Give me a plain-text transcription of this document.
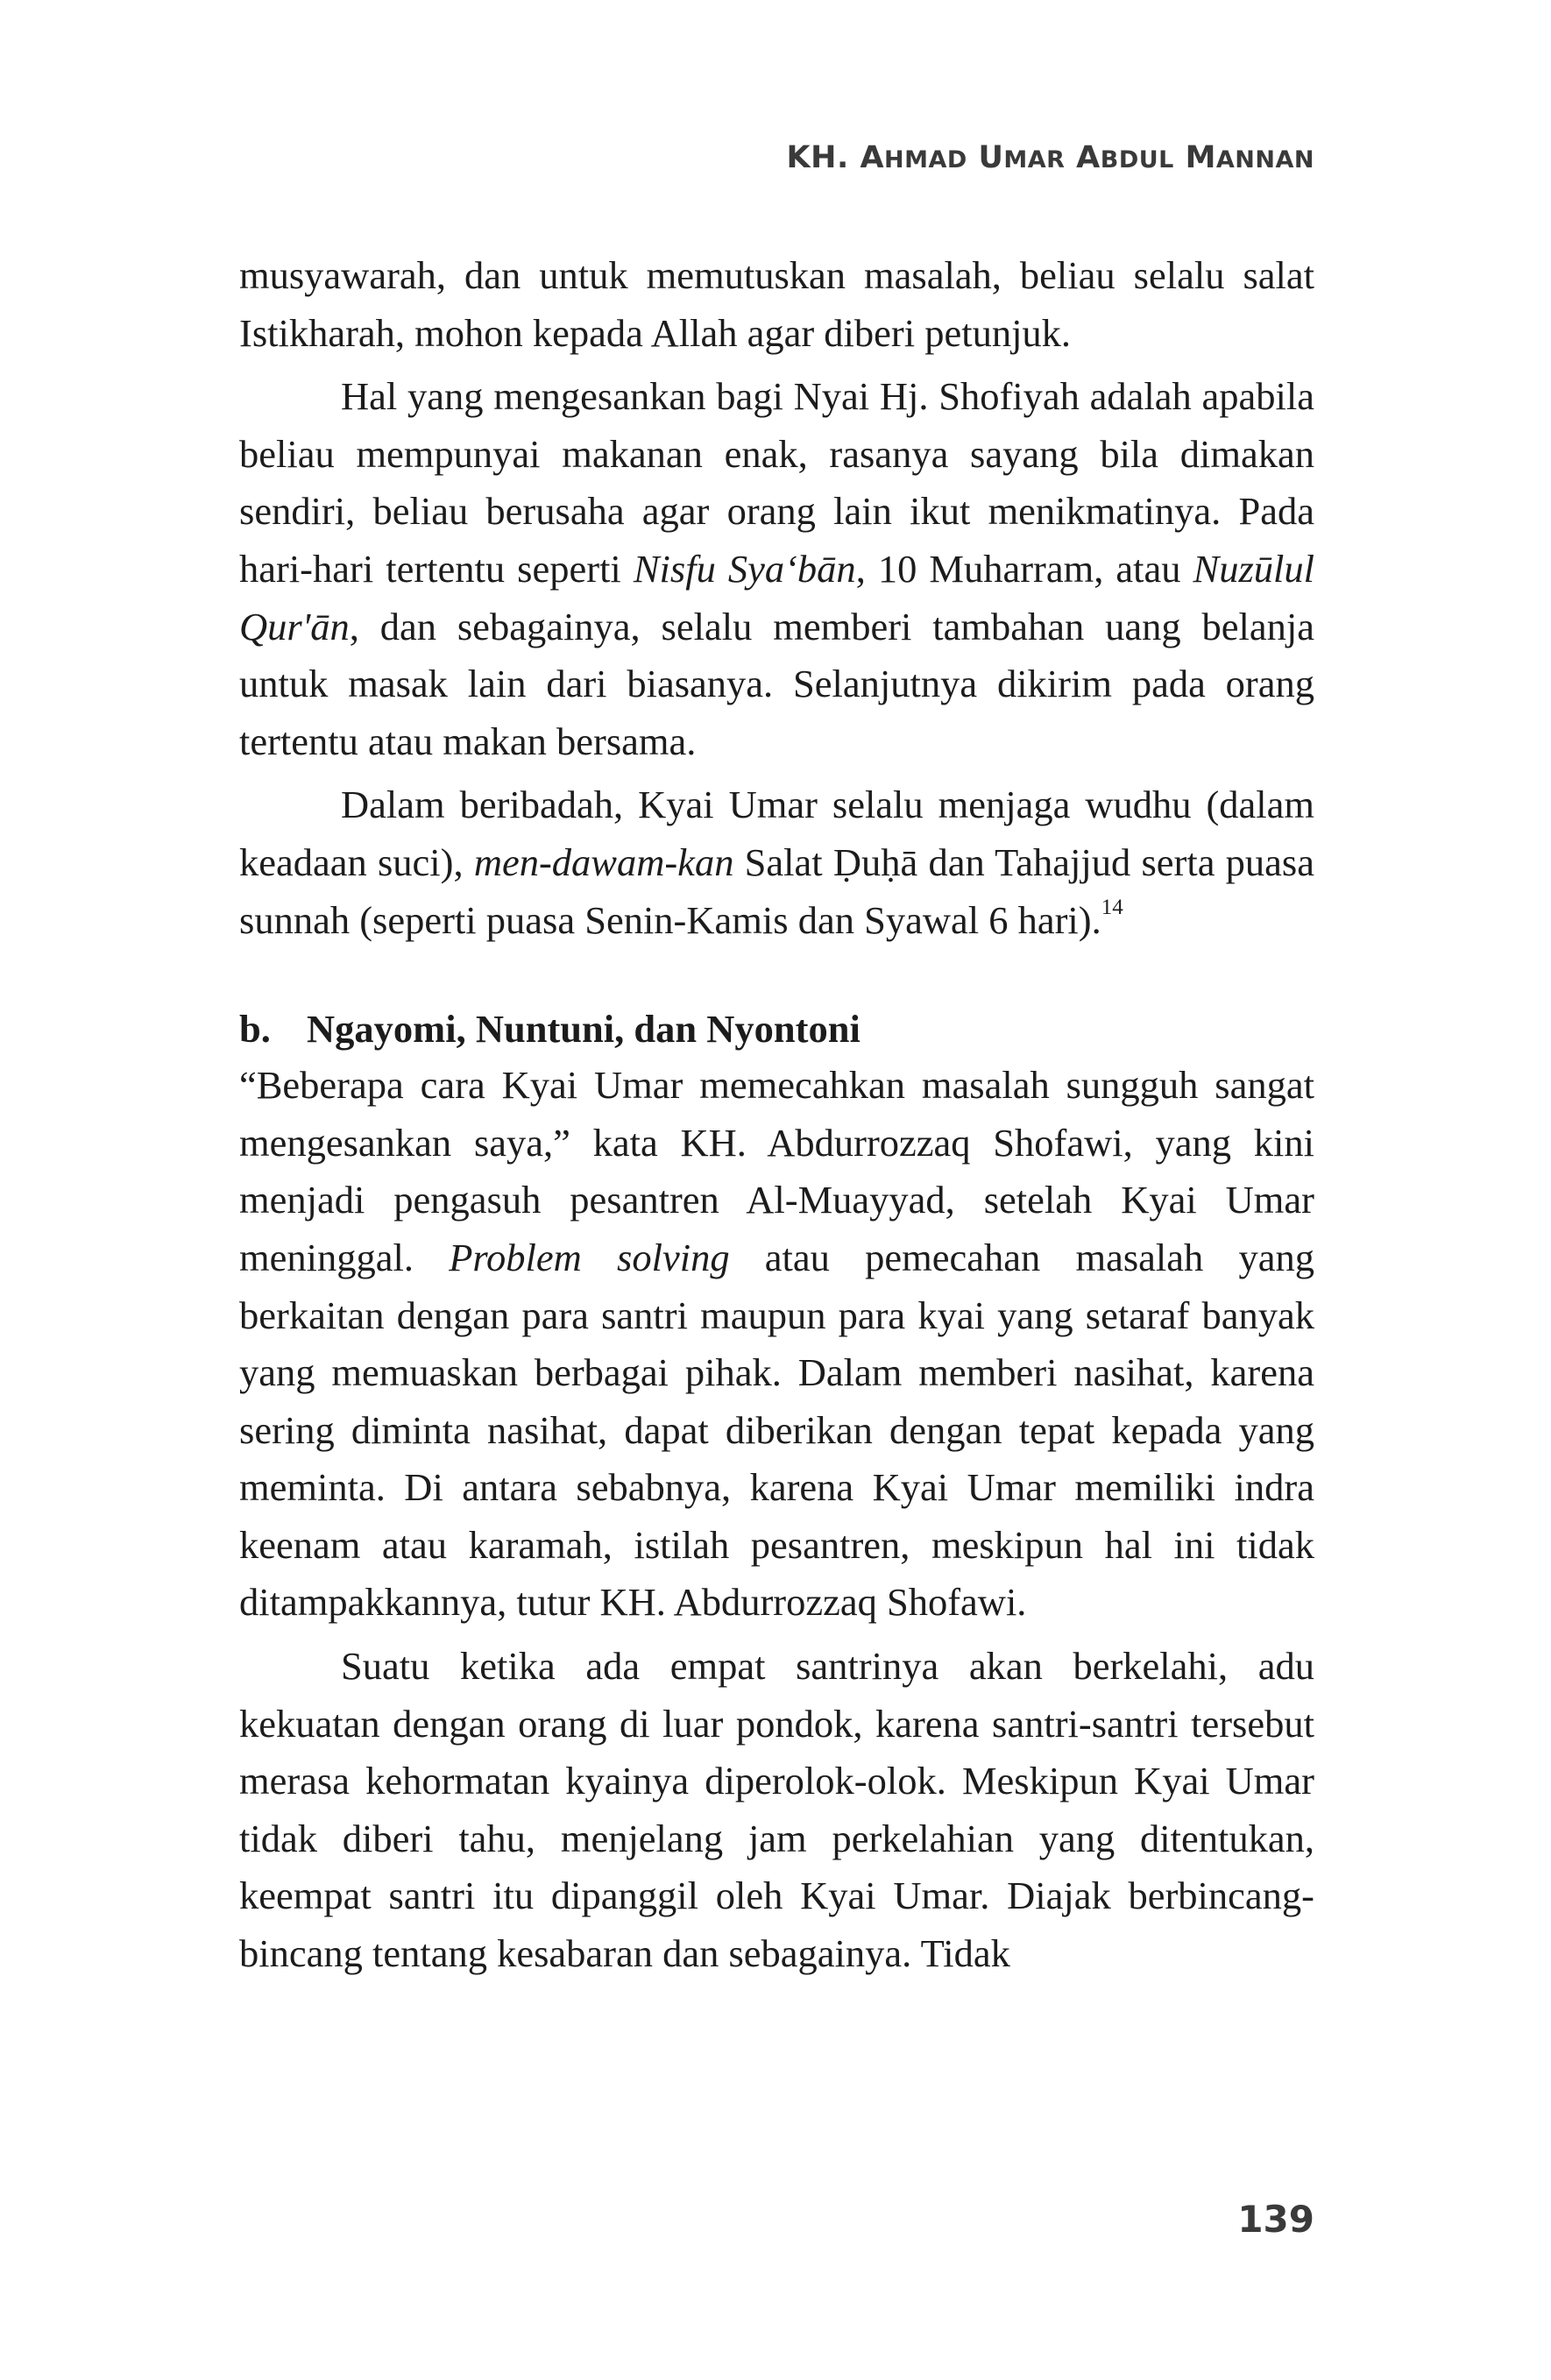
KH. AHMAD UMAR ABDUL MANNAN

musyawarah, dan untuk memutuskan masalah, beliau selalu salat Istikharah, mohon kepada Allah agar diberi petunjuk.

Hal yang mengesankan bagi Nyai Hj. Shofiyah adalah apabila beliau mempunyai makanan enak, rasanya sayang bila dimakan sendiri, beliau berusaha agar orang lain ikut menikmatinya. Pada hari-hari tertentu seperti Nisfu Sya‘bān, 10 Muharram, atau Nuzūlul Qur'ān, dan sebagainya, selalu memberi tambahan uang belanja untuk masak lain dari biasanya. Selanjutnya dikirim pada orang tertentu atau makan bersama.

Dalam beribadah, Kyai Umar selalu menjaga wudhu (dalam keadaan suci), men-dawam-kan Salat Ḍuḥā dan Tahajjud serta puasa sunnah (seperti puasa Senin-Kamis dan Syawal 6 hari).$^{14}$

b. Ngayomi, Nuntuni, dan Nyontoni

“Beberapa cara Kyai Umar memecahkan masalah sungguh sangat mengesankan saya,” kata KH. Abdurrozzaq Shofawi, yang kini menjadi pengasuh pesantren Al-Muayyad, setelah Kyai Umar meninggal. Problem solving atau pemecahan masalah yang berkaitan dengan para santri maupun para kyai yang setaraf banyak yang memuaskan berbagai pihak. Dalam memberi nasihat, karena sering diminta nasihat, dapat diberikan dengan tepat kepada yang meminta. Di antara sebabnya, karena Kyai Umar memiliki indra keenam atau karamah, istilah pesantren, meskipun hal ini tidak ditampakkannya, tutur KH. Abdurrozzaq Shofawi.

Suatu ketika ada empat santrinya akan berkelahi, adu kekuatan dengan orang di luar pondok, karena santri-santri tersebut merasa kehormatan kyainya diperolok-olok. Meskipun Kyai Umar tidak diberi tahu, menjelang jam perkelahian yang ditentukan, keempat santri itu dipanggil oleh Kyai Umar. Diajak berbincang-bincang tentang kesabaran dan sebagainya. Tidak

139
